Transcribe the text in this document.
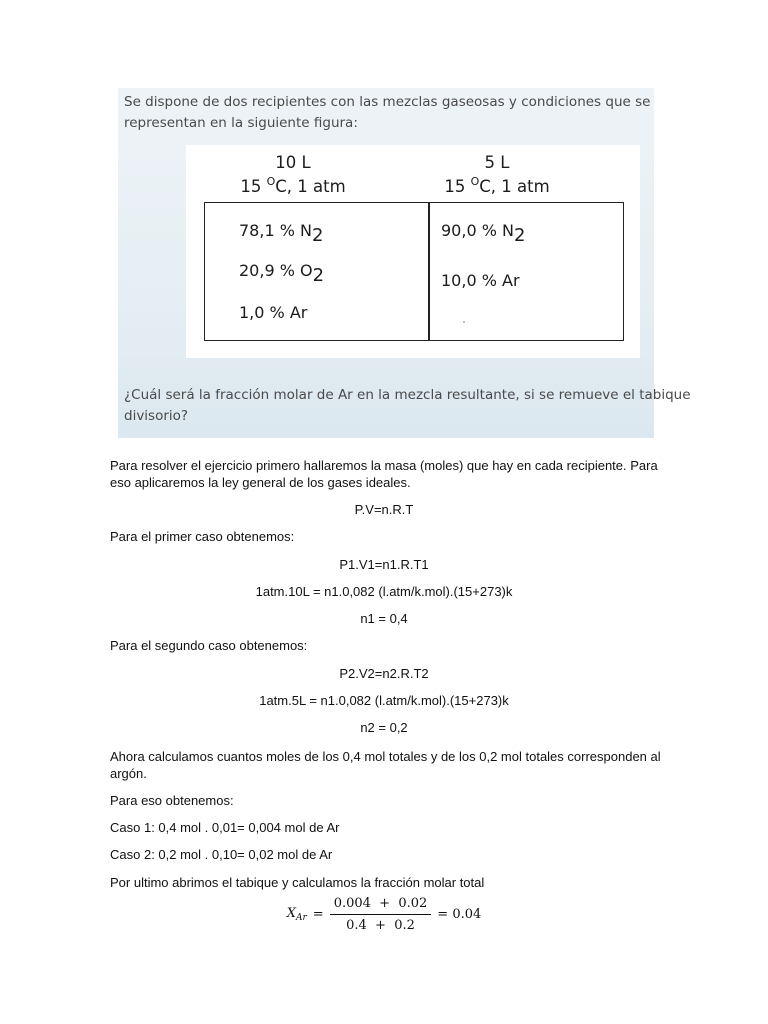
Se dispone de dos recipientes con las mezclas gaseosas y condiciones que se
representan en la siguiente figura:
10 L
15 $^O$C, 1 atm
5 L
15 $^O$C, 1 atm
78,1 % N2
20,9 % O2
1,0 % Ar
90,0 % N2
10,0 % Ar
¿Cuál será la fracción molar de Ar en la mezcla resultante, si se remueve el tabique
divisorio?
Para resolver el ejercicio primero hallaremos la masa (moles) que hay en cada recipiente. Para
eso aplicaremos la ley general de los gases ideales.
P.V=n.R.T
Para el primer caso obtenemos:
P1.V1=n1.R.T1
1atm.10L = n1.0,082 (l.atm/k.mol).(15+273)k
n1 = 0,4
Para el segundo caso obtenemos:
P2.V2=n2.R.T2
1atm.5L = n1.0,082 (l.atm/k.mol).(15+273)k
n2 = 0,2
Ahora calculamos cuantos moles de los 0,4 mol totales y de los 0,2 mol totales corresponden al
argón.
Para eso obtenemos:
Caso 1: 0,4 mol . 0,01= 0,004 mol de Ar
Caso 2: 0,2 mol . 0,10= 0,02 mol de Ar
Por ultimo abrimos el tabique y calculamos la fracción molar total
$X_{Ar} = \frac{0.004 + 0.02}{0.4 + 0.2} = 0.04$
